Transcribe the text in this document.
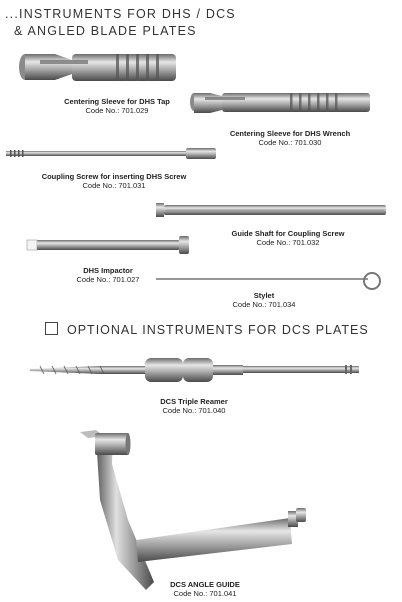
...INSTRUMENTS FOR DHS / DCS
& ANGLED BLADE PLATES
Centering Sleeve for DHS Tap
Code No.: 701.029
Centering Sleeve for DHS Wrench
Code No.: 701.030
Coupling Screw for inserting DHS Screw
Code No.: 701.031
Guide Shaft for Coupling Screw
Code No.: 701.032
DHS Impactor
Code No.: 701.027
Stylet
Code No.: 701.034
OPTIONAL INSTRUMENTS FOR DCS PLATES
DCS Triple Reamer
Code No.: 701.040
DCS ANGLE GUIDE
Code No.: 701.041
